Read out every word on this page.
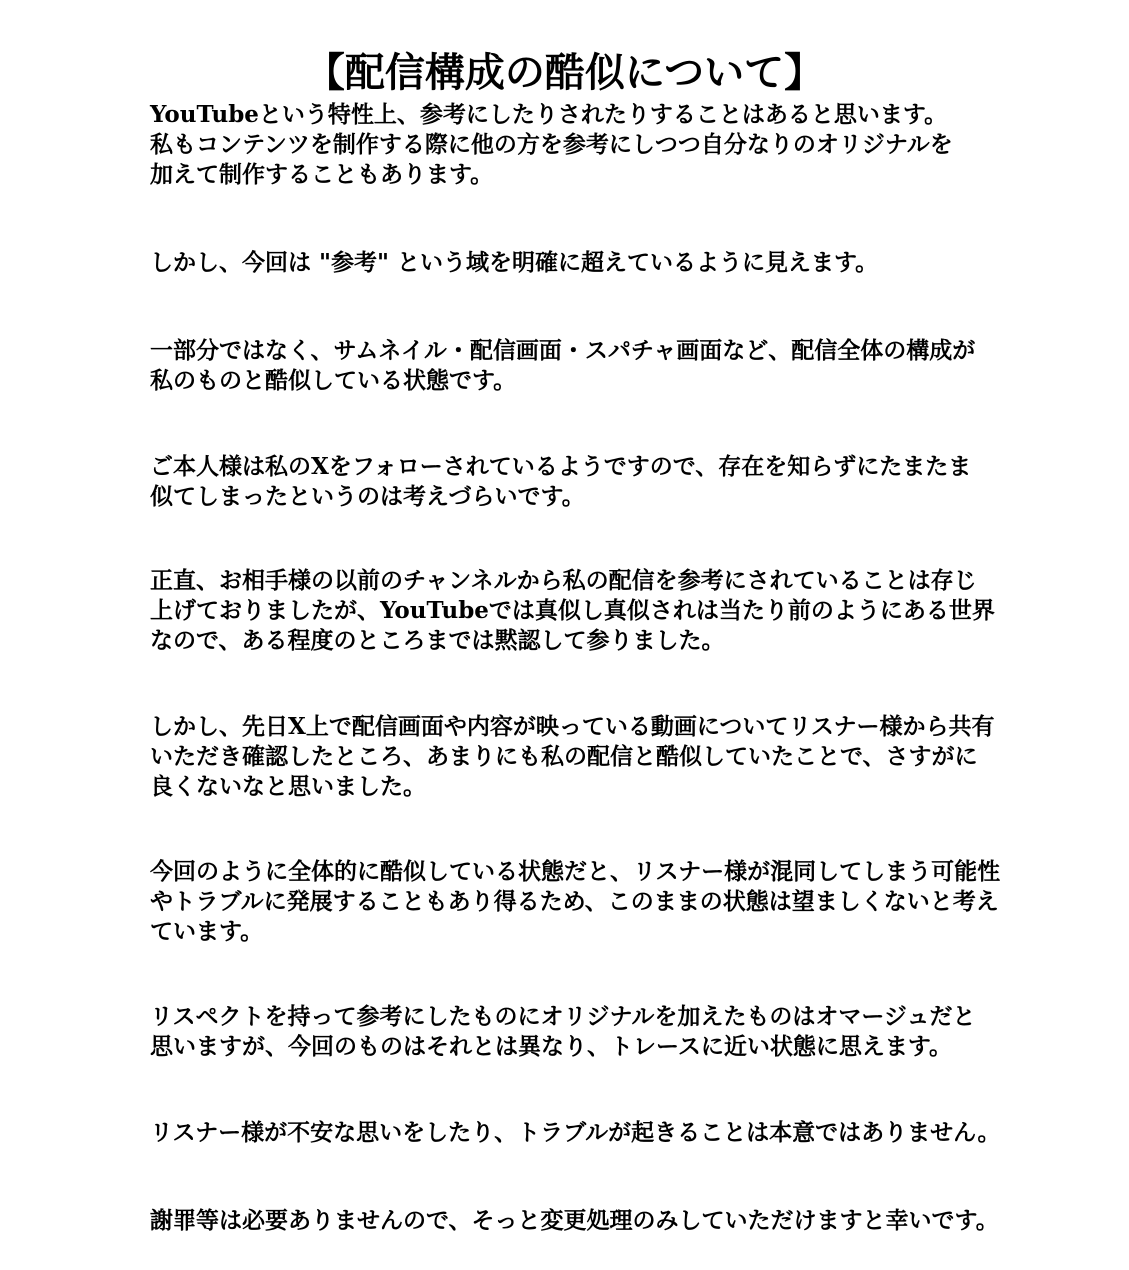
【配信構成の酷似について】

YouTubeという特性上、参考にしたりされたりすることはあると思います。
私もコンテンツを制作する際に他の方を参考にしつつ自分なりのオリジナルを
加えて制作することもあります。

しかし、今回は "参考" という域を明確に超えているように見えます。

一部分ではなく、サムネイル・配信画面・スパチャ画面など、配信全体の構成が
私のものと酷似している状態です。

ご本人様は私のXをフォローされているようですので、存在を知らずにたまたま
似てしまったというのは考えづらいです。

正直、お相手様の以前のチャンネルから私の配信を参考にされていることは存じ
上げておりましたが、YouTubeでは真似し真似されは当たり前のようにある世界
なので、ある程度のところまでは黙認して参りました。

しかし、先日X上で配信画面や内容が映っている動画についてリスナー様から共有
いただき確認したところ、あまりにも私の配信と酷似していたことで、さすがに
良くないなと思いました。

今回のように全体的に酷似している状態だと、リスナー様が混同してしまう可能性
やトラブルに発展することもあり得るため、このままの状態は望ましくないと考え
ています。

リスペクトを持って参考にしたものにオリジナルを加えたものはオマージュだと
思いますが、今回のものはそれとは異なり、トレースに近い状態に思えます。

リスナー様が不安な思いをしたり、トラブルが起きることは本意ではありません。

謝罪等は必要ありませんので、そっと変更処理のみしていただけますと幸いです。
